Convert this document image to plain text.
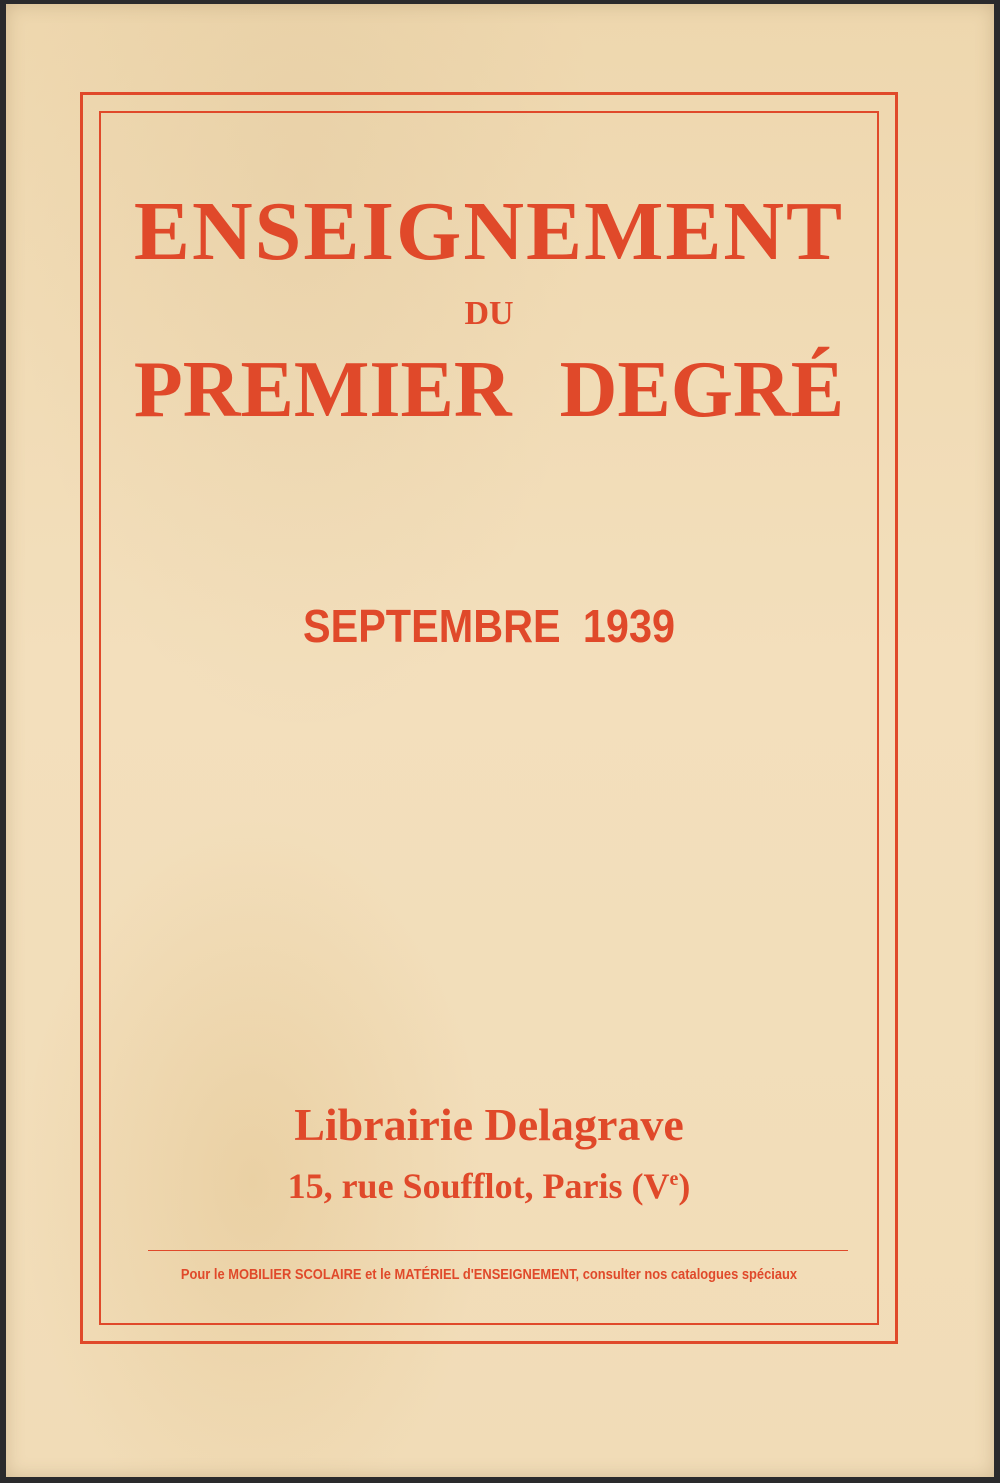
ENSEIGNEMENT
DU
PREMIER DEGRÉ
SEPTEMBRE 1939
Librairie Delagrave
15, rue Soufflot, Paris (Ve)
Pour le MOBILIER SCOLAIRE et le MATÉRIEL d'ENSEIGNEMENT, consulter nos catalogues spéciaux
